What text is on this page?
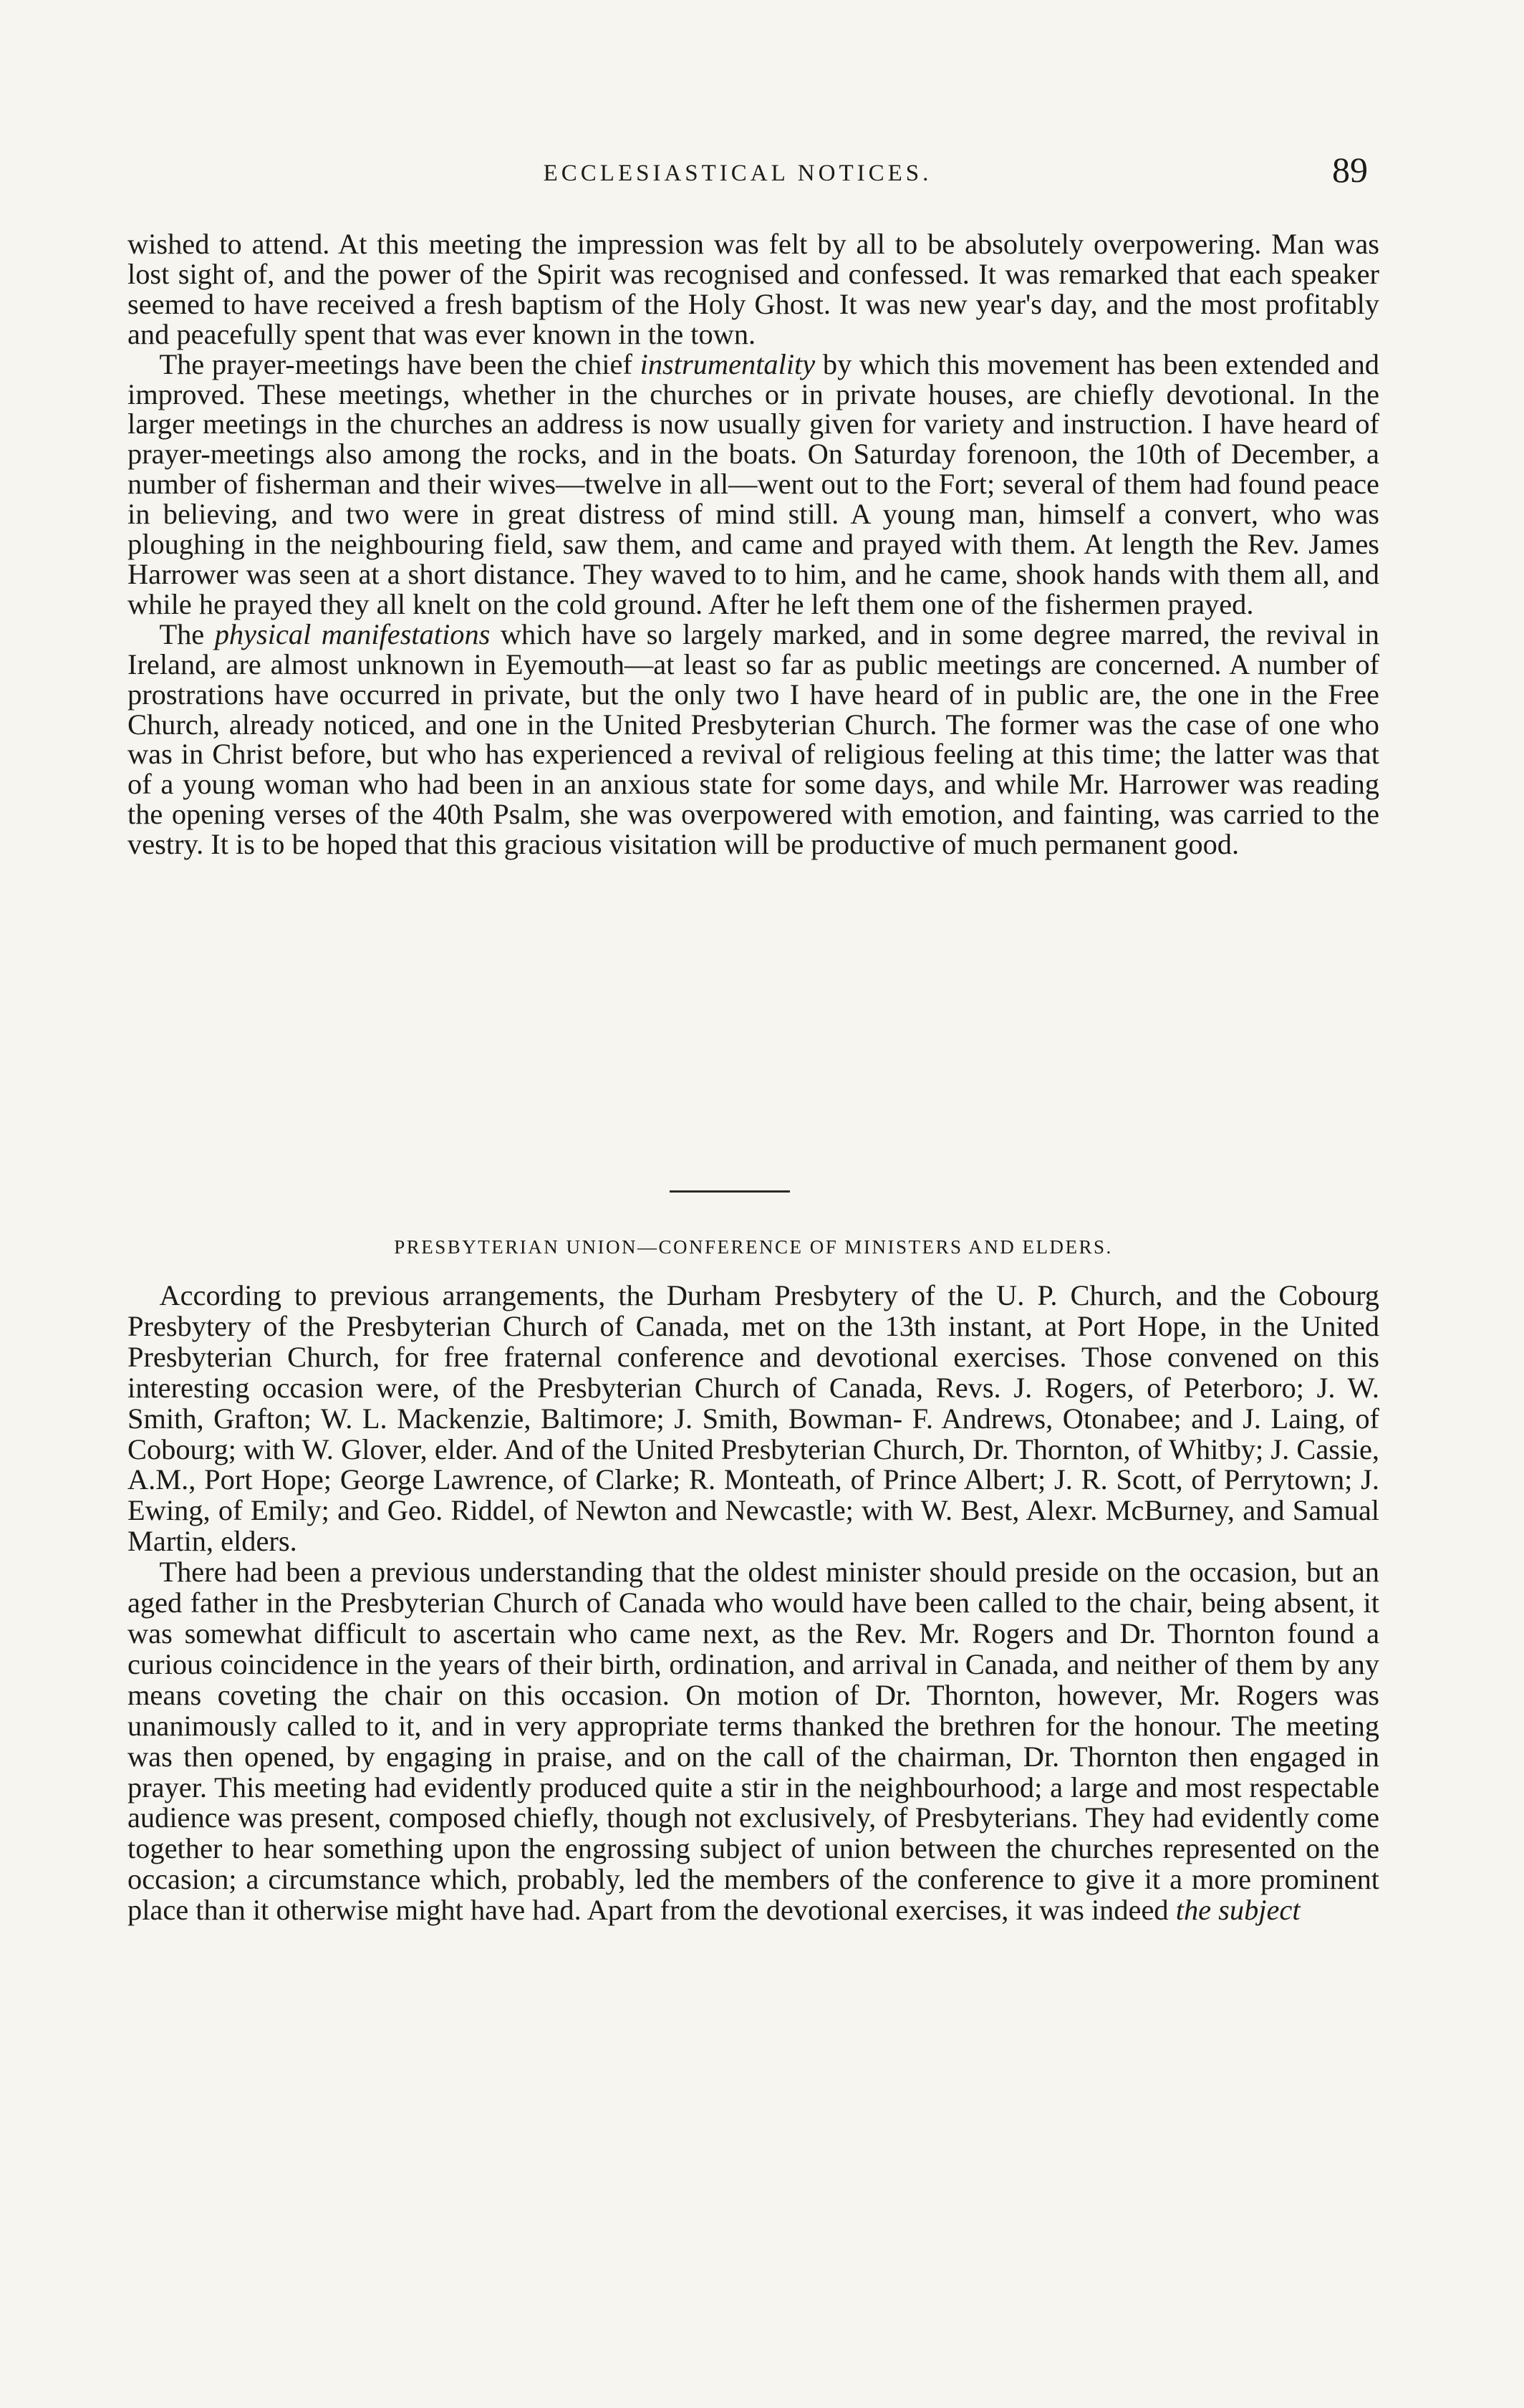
ECCLESIASTICAL NOTICES.	89

wished to attend. At this meeting the impression was felt by all to be absolutely overpowering. Man was lost sight of, and the power of the Spirit was recognised and confessed. It was remarked that each speaker seemed to have received a fresh baptism of the Holy Ghost. It was new year's day, and the most profitably and peacefully spent that was ever known in the town.

The prayer-meetings have been the chief instrumentality by which this movement has been extended and improved. These meetings, whether in the churches or in private houses, are chiefly devotional. In the larger meetings in the churches an address is now usually given for variety and instruction. I have heard of prayer-meetings also among the rocks, and in the boats. On Saturday forenoon, the 10th of December, a number of fisherman and their wives—twelve in all—went out to the Fort; several of them had found peace in believing, and two were in great distress of mind still. A young man, himself a convert, who was ploughing in the neighbouring field, saw them, and came and prayed with them. At length the Rev. James Harrower was seen at a short distance. They waved to to him, and he came, shook hands with them all, and while he prayed they all knelt on the cold ground. After he left them one of the fishermen prayed.

The physical manifestations which have so largely marked, and in some degree marred, the revival in Ireland, are almost unknown in Eyemouth—at least so far as public meetings are concerned. A number of prostrations have occurred in private, but the only two I have heard of in public are, the one in the Free Church, already noticed, and one in the United Presbyterian Church. The former was the case of one who was in Christ before, but who has experienced a revival of religious feeling at this time; the latter was that of a young woman who had been in an anxious state for some days, and while Mr. Harrower was reading the opening verses of the 40th Psalm, she was overpowered with emotion, and fainting, was carried to the vestry. It is to be hoped that this gracious visitation will be productive of much permanent good.

PRESBYTERIAN UNION—CONFERENCE OF MINISTERS AND ELDERS.

According to previous arrangements, the Durham Presbytery of the U. P. Church, and the Cobourg Presbytery of the Presbyterian Church of Canada, met on the 13th instant, at Port Hope, in the United Presbyterian Church, for free fraternal conference and devotional exercises. Those convened on this interesting occasion were, of the Presbyterian Church of Canada, Revs. J. Rogers, of Peterboro; J. W. Smith, Grafton; W. L. Mackenzie, Baltimore; J. Smith, Bowman- F. Andrews, Otonabee; and J. Laing, of Cobourg; with W. Glover, elder. And of the United Presbyterian Church, Dr. Thornton, of Whitby; J. Cassie, A.M., Port Hope; George Lawrence, of Clarke; R. Monteath, of Prince Albert; J. R. Scott, of Perrytown; J. Ewing, of Emily; and Geo. Riddel, of Newton and Newcastle; with W. Best, Alexr. McBurney, and Samual Martin, elders.

There had been a previous understanding that the oldest minister should preside on the occasion, but an aged father in the Presbyterian Church of Canada who would have been called to the chair, being absent, it was somewhat difficult to ascertain who came next, as the Rev. Mr. Rogers and Dr. Thornton found a curious coincidence in the years of their birth, ordination, and arrival in Canada, and neither of them by any means coveting the chair on this occasion. On motion of Dr. Thornton, however, Mr. Rogers was unanimously called to it, and in very appropriate terms thanked the brethren for the honour. The meeting was then opened, by engaging in praise, and on the call of the chairman, Dr. Thornton then engaged in prayer. This meeting had evidently produced quite a stir in the neighbourhood; a large and most respectable audience was present, composed chiefly, though not exclusively, of Presbyterians. They had evidently come together to hear something upon the engrossing subject of union between the churches represented on the occasion; a circumstance which, probably, led the members of the conference to give it a more prominent place than it otherwise might have had. Apart from the devotional exercises, it was indeed the subject
